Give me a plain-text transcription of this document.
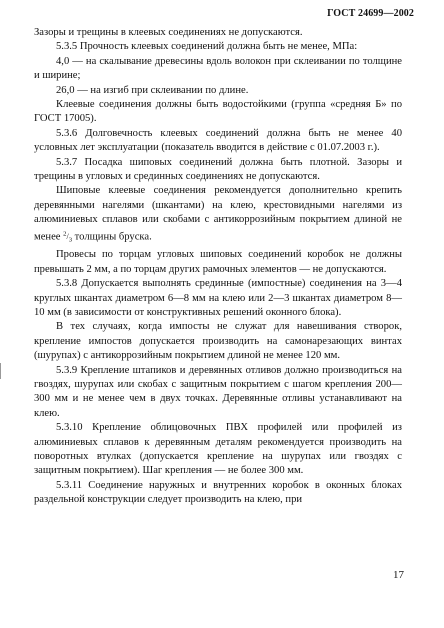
ГОСТ 24699—2002

Зазоры и трещины в клеевых соединениях не допускаются.

5.3.5 Прочность клеевых соединений должна быть не менее, МПа:

4,0 — на скалывание древесины вдоль волокон при склеивании по толщине и ширине;

26,0 — на изгиб при склеивании по длине.

Клеевые соединения должны быть водостойкими (группа «средняя Б» по ГОСТ 17005).

5.3.6 Долговечность клеевых соединений должна быть не менее 40 условных лет эксплуатации (показатель вводится в действие с 01.07.2003 г.).

5.3.7 Посадка шиповых соединений должна быть плотной. Зазоры и трещины в угловых и срединных соединениях не допускаются.

Шиповые клеевые соединения рекомендуется дополнительно крепить деревянными нагелями (шкантами) на клею, крестовидными нагелями из алюминиевых сплавов или скобами с антикоррозийным покрытием длиной не менее $^2/_3$ толщины бруска.

Провесы по торцам угловых шиповых соединений коробок не должны превышать 2 мм, а по торцам других рамочных элементов — не допускаются.

5.3.8 Допускается выполнять срединные (импостные) соединения на 3—4 круглых шкантах диаметром 6—8 мм на клею или 2—3 шкантах диаметром 8—10 мм (в зависимости от конструктивных решений оконного блока).

В тех случаях, когда импосты не служат для навешивания створок, крепление импостов допускается производить на самонарезающих винтах (шурупах) с антикоррозийным покрытием длиной не менее 120 мм.

5.3.9 Крепление штапиков и деревянных отливов должно производиться на гвоздях, шурупах или скобах с защитным покрытием с шагом крепления 200—300 мм и не менее чем в двух точках. Деревянные отливы устанавливают на клею.

5.3.10 Крепление облицовочных ПВХ профилей или профилей из алюминиевых сплавов к деревянным деталям рекомендуется производить на поворотных втулках (допускается крепление на шурупах или гвоздях с защитным покрытием). Шаг крепления — не более 300 мм.

5.3.11 Соединение наружных и внутренних коробок в оконных блоках раздельной конструкции следует производить на клею, при

17
